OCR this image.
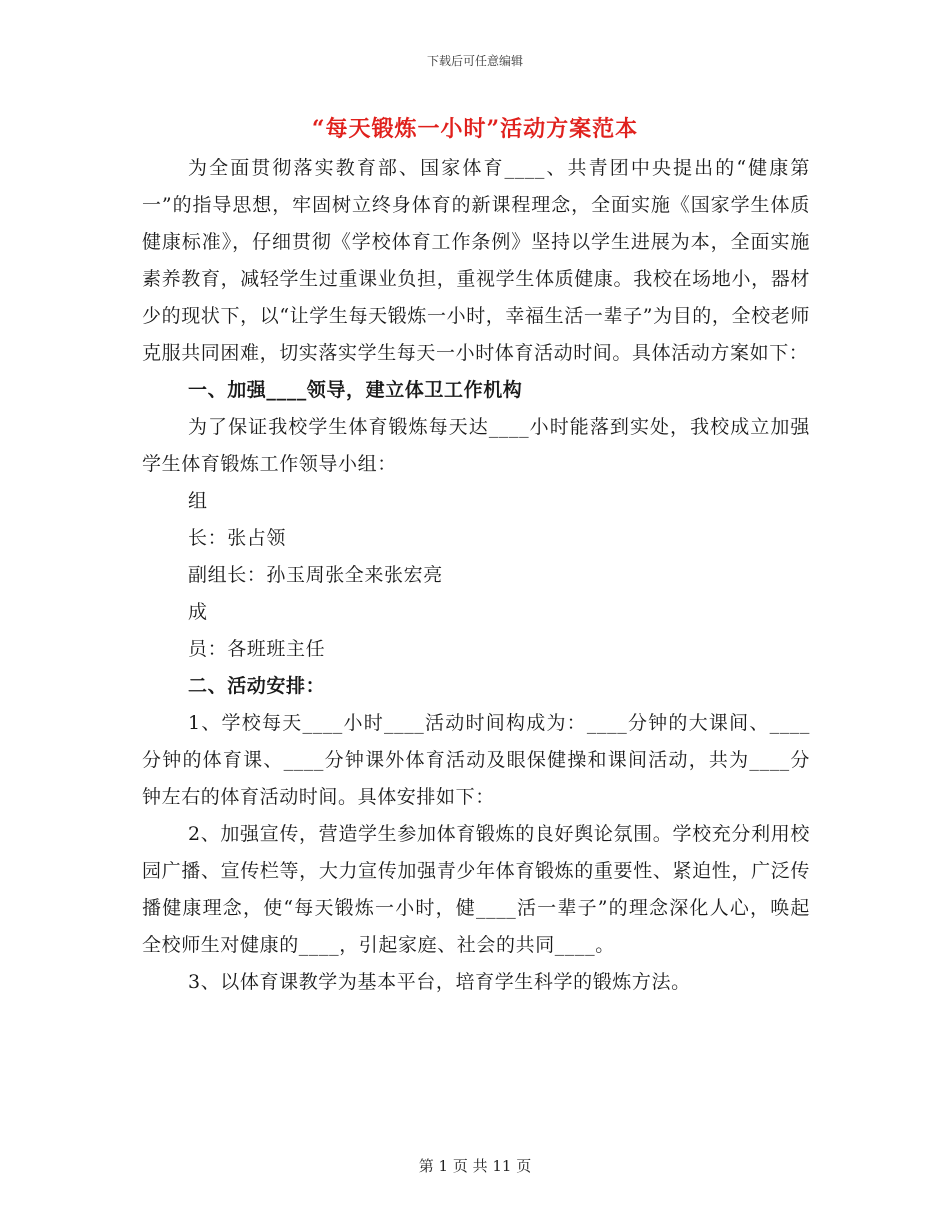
下载后可任意编辑
“每天锻炼一小时”活动方案范本

为全面贯彻落实教育部、国家体育____、共青团中央提出的“健康第一”的指导思想，牢固树立终身体育的新课程理念，全面实施《国家学生体质健康标准》，仔细贯彻《学校体育工作条例》坚持以学生进展为本，全面实施素养教育，减轻学生过重课业负担，重视学生体质健康。我校在场地小，器材少的现状下，以“让学生每天锻炼一小时，幸福生活一辈子”为目的，全校老师克服共同困难，切实落实学生每天一小时体育活动时间。具体活动方案如下：

一、加强____领导，建立体卫工作机构

为了保证我校学生体育锻炼每天达____小时能落到实处，我校成立加强学生体育锻炼工作领导小组：

组

长：张占领

副组长：孙玉周张全来张宏亮

成

员：各班班主任

二、活动安排：

1、学校每天____小时____活动时间构成为：____分钟的大课间、____分钟的体育课、____分钟课外体育活动及眼保健操和课间活动，共为____分钟左右的体育活动时间。具体安排如下：

2、加强宣传，营造学生参加体育锻炼的良好舆论氛围。学校充分利用校园广播、宣传栏等，大力宣传加强青少年体育锻炼的重要性、紧迫性，广泛传播健康理念，使“每天锻炼一小时，健____活一辈子”的理念深化人心，唤起全校师生对健康的____，引起家庭、社会的共同____。

3、以体育课教学为基本平台，培育学生科学的锻炼方法。

第 1 页 共 11 页
